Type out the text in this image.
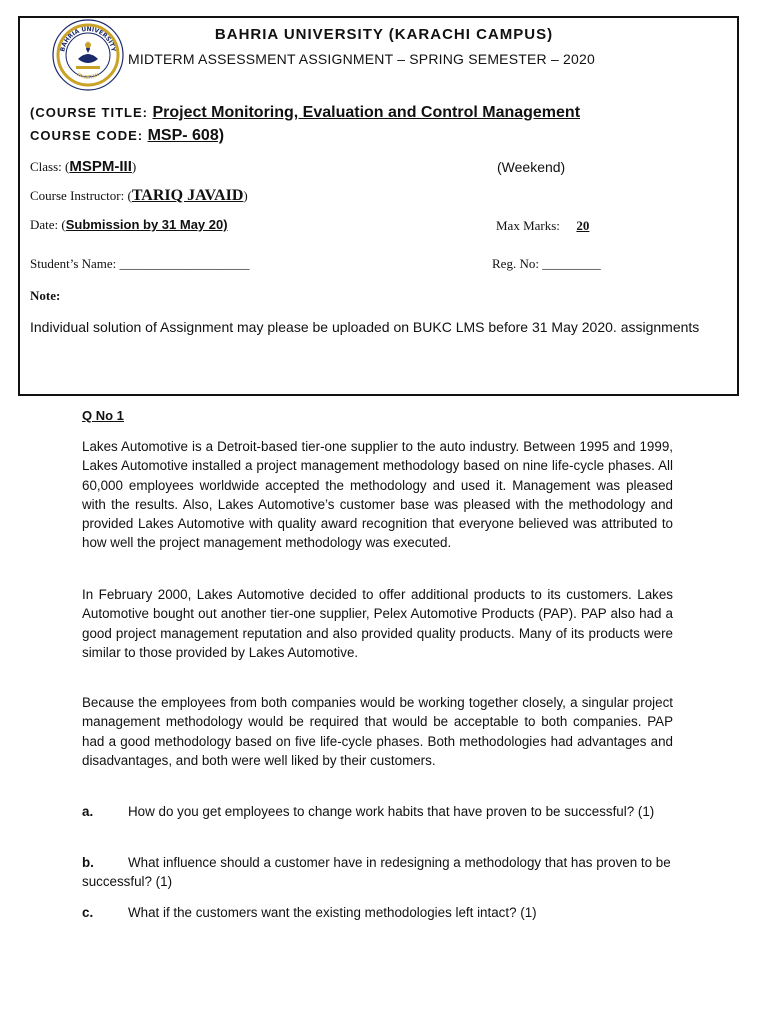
BAHRIA UNIVERSITY
PAKISTAN
BAHRIA UNIVERSITY (KARACHI CAMPUS)
MIDTERM ASSESSMENT ASSIGNMENT – SPRING SEMESTER – 2020
(COURSE TITLE: Project Monitoring, Evaluation and Control Management
COURSE CODE: MSP- 608)
Class: (MSPM-III)	(Weekend)
Course Instructor: (TARIQ JAVAID)
Date: (Submission by 31 May 20)	Max Marks: 20
Student’s Name: ____________________	Reg. No: _________
Note:
Individual solution of Assignment may please be uploaded on BUKC LMS before 31 May 2020. assignments
Q No 1

Lakes Automotive is a Detroit-based tier-one supplier to the auto industry. Between 1995 and 1999, Lakes Automotive installed a project management methodology based on nine life-cycle phases. All 60,000 employees worldwide accepted the methodology and used it. Management was pleased with the results. Also, Lakes Automotive’s customer base was pleased with the methodology and provided Lakes Automotive with quality award recognition that everyone believed was attributed to how well the project management methodology was executed.

In February 2000, Lakes Automotive decided to offer additional products to its customers. Lakes Automotive bought out another tier-one supplier, Pelex Automotive Products (PAP). PAP also had a good project management reputation and also provided quality products. Many of its products were similar to those provided by Lakes Automotive.

Because the employees from both companies would be working together closely, a singular project management methodology would be required that would be acceptable to both companies. PAP had a good methodology based on five life-cycle phases. Both methodologies had advantages and disadvantages, and both were well liked by their customers.

a.	How do you get employees to change work habits that have proven to be successful? (1)
b.	What influence should a customer have in redesigning a methodology that has proven to be successful? (1)
c.	What if the customers want the existing methodologies left intact? (1)
